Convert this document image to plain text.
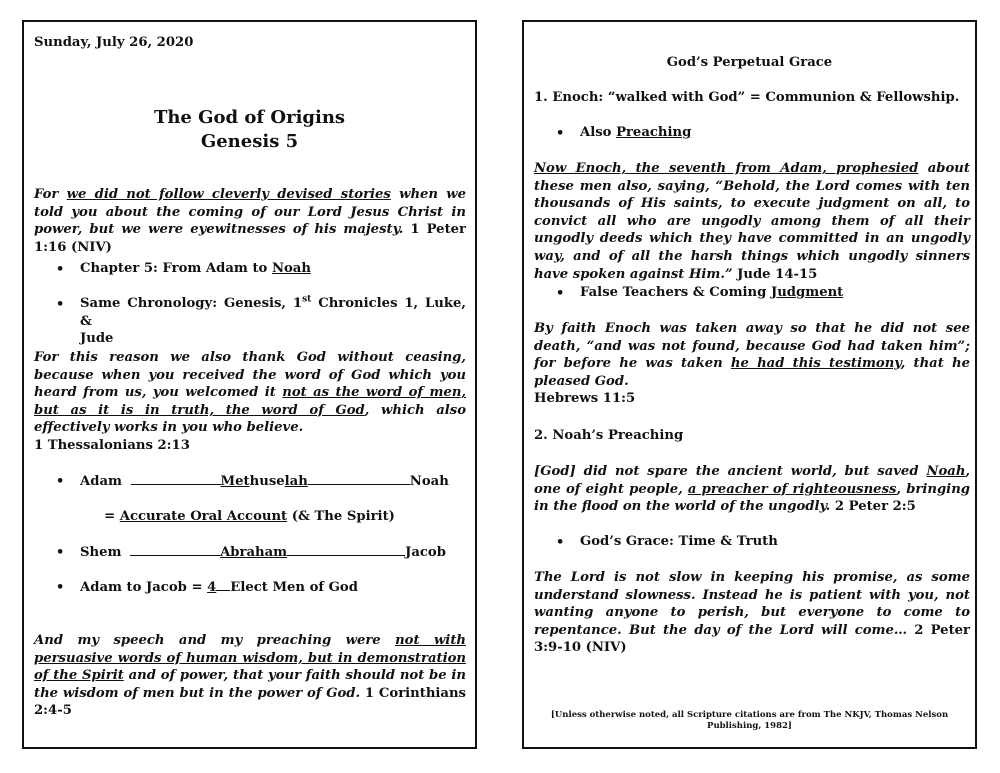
Sunday, July 26, 2020
The God of Origins
Genesis 5
For we did not follow cleverly devised stories when we told you about the coming of our Lord Jesus Christ in power, but we were eyewitnesses of his majesty. 1 Peter 1:16 (NIV)
• Chapter 5: From Adam to Noah
• Same Chronology: Genesis, 1st Chronicles 1, Luke, &
Jude
For this reason we also thank God without ceasing, because when you received the word of God which you heard from us, you welcomed it not as the word of men, but as it is in truth, the word of God, which also effectively works in you who believe.
1 Thessalonians 2:13
• Adam	Methuselah	Noah
= Accurate Oral Account (& The Spirit)
• Shem	Abraham	Jacob
• Adam to Jacob = 4 Elect Men of God
And my speech and my preaching were not with persuasive words of human wisdom, but in demonstration of the Spirit and of power, that your faith should not be in the wisdom of men but in the power of God. 1 Corinthians 2:4-5
God’s Perpetual Grace
1. Enoch: “walked with God” = Communion & Fellowship.
• Also Preaching
Now Enoch, the seventh from Adam, prophesied about these men also, saying, “Behold, the Lord comes with ten thousands of His saints, to execute judgment on all, to convict all who are ungodly among them of all their ungodly deeds which they have committed in an ungodly way, and of all the harsh things which ungodly sinners have spoken against Him.” Jude 14-15
• False Teachers & Coming Judgment
By faith Enoch was taken away so that he did not see death, “and was not found, because God had taken him”; for before he was taken he had this testimony, that he pleased God.
Hebrews 11:5
2. Noah’s Preaching
[God] did not spare the ancient world, but saved Noah, one of eight people, a preacher of righteousness, bringing in the flood on the world of the ungodly. 2 Peter 2:5
• God’s Grace: Time & Truth
The Lord is not slow in keeping his promise, as some understand slowness. Instead he is patient with you, not wanting anyone to perish, but everyone to come to repentance. But the day of the Lord will come… 2 Peter 3:9-10 (NIV)
[Unless otherwise noted, all Scripture citations are from The NKJV, Thomas Nelson Publishing, 1982]
